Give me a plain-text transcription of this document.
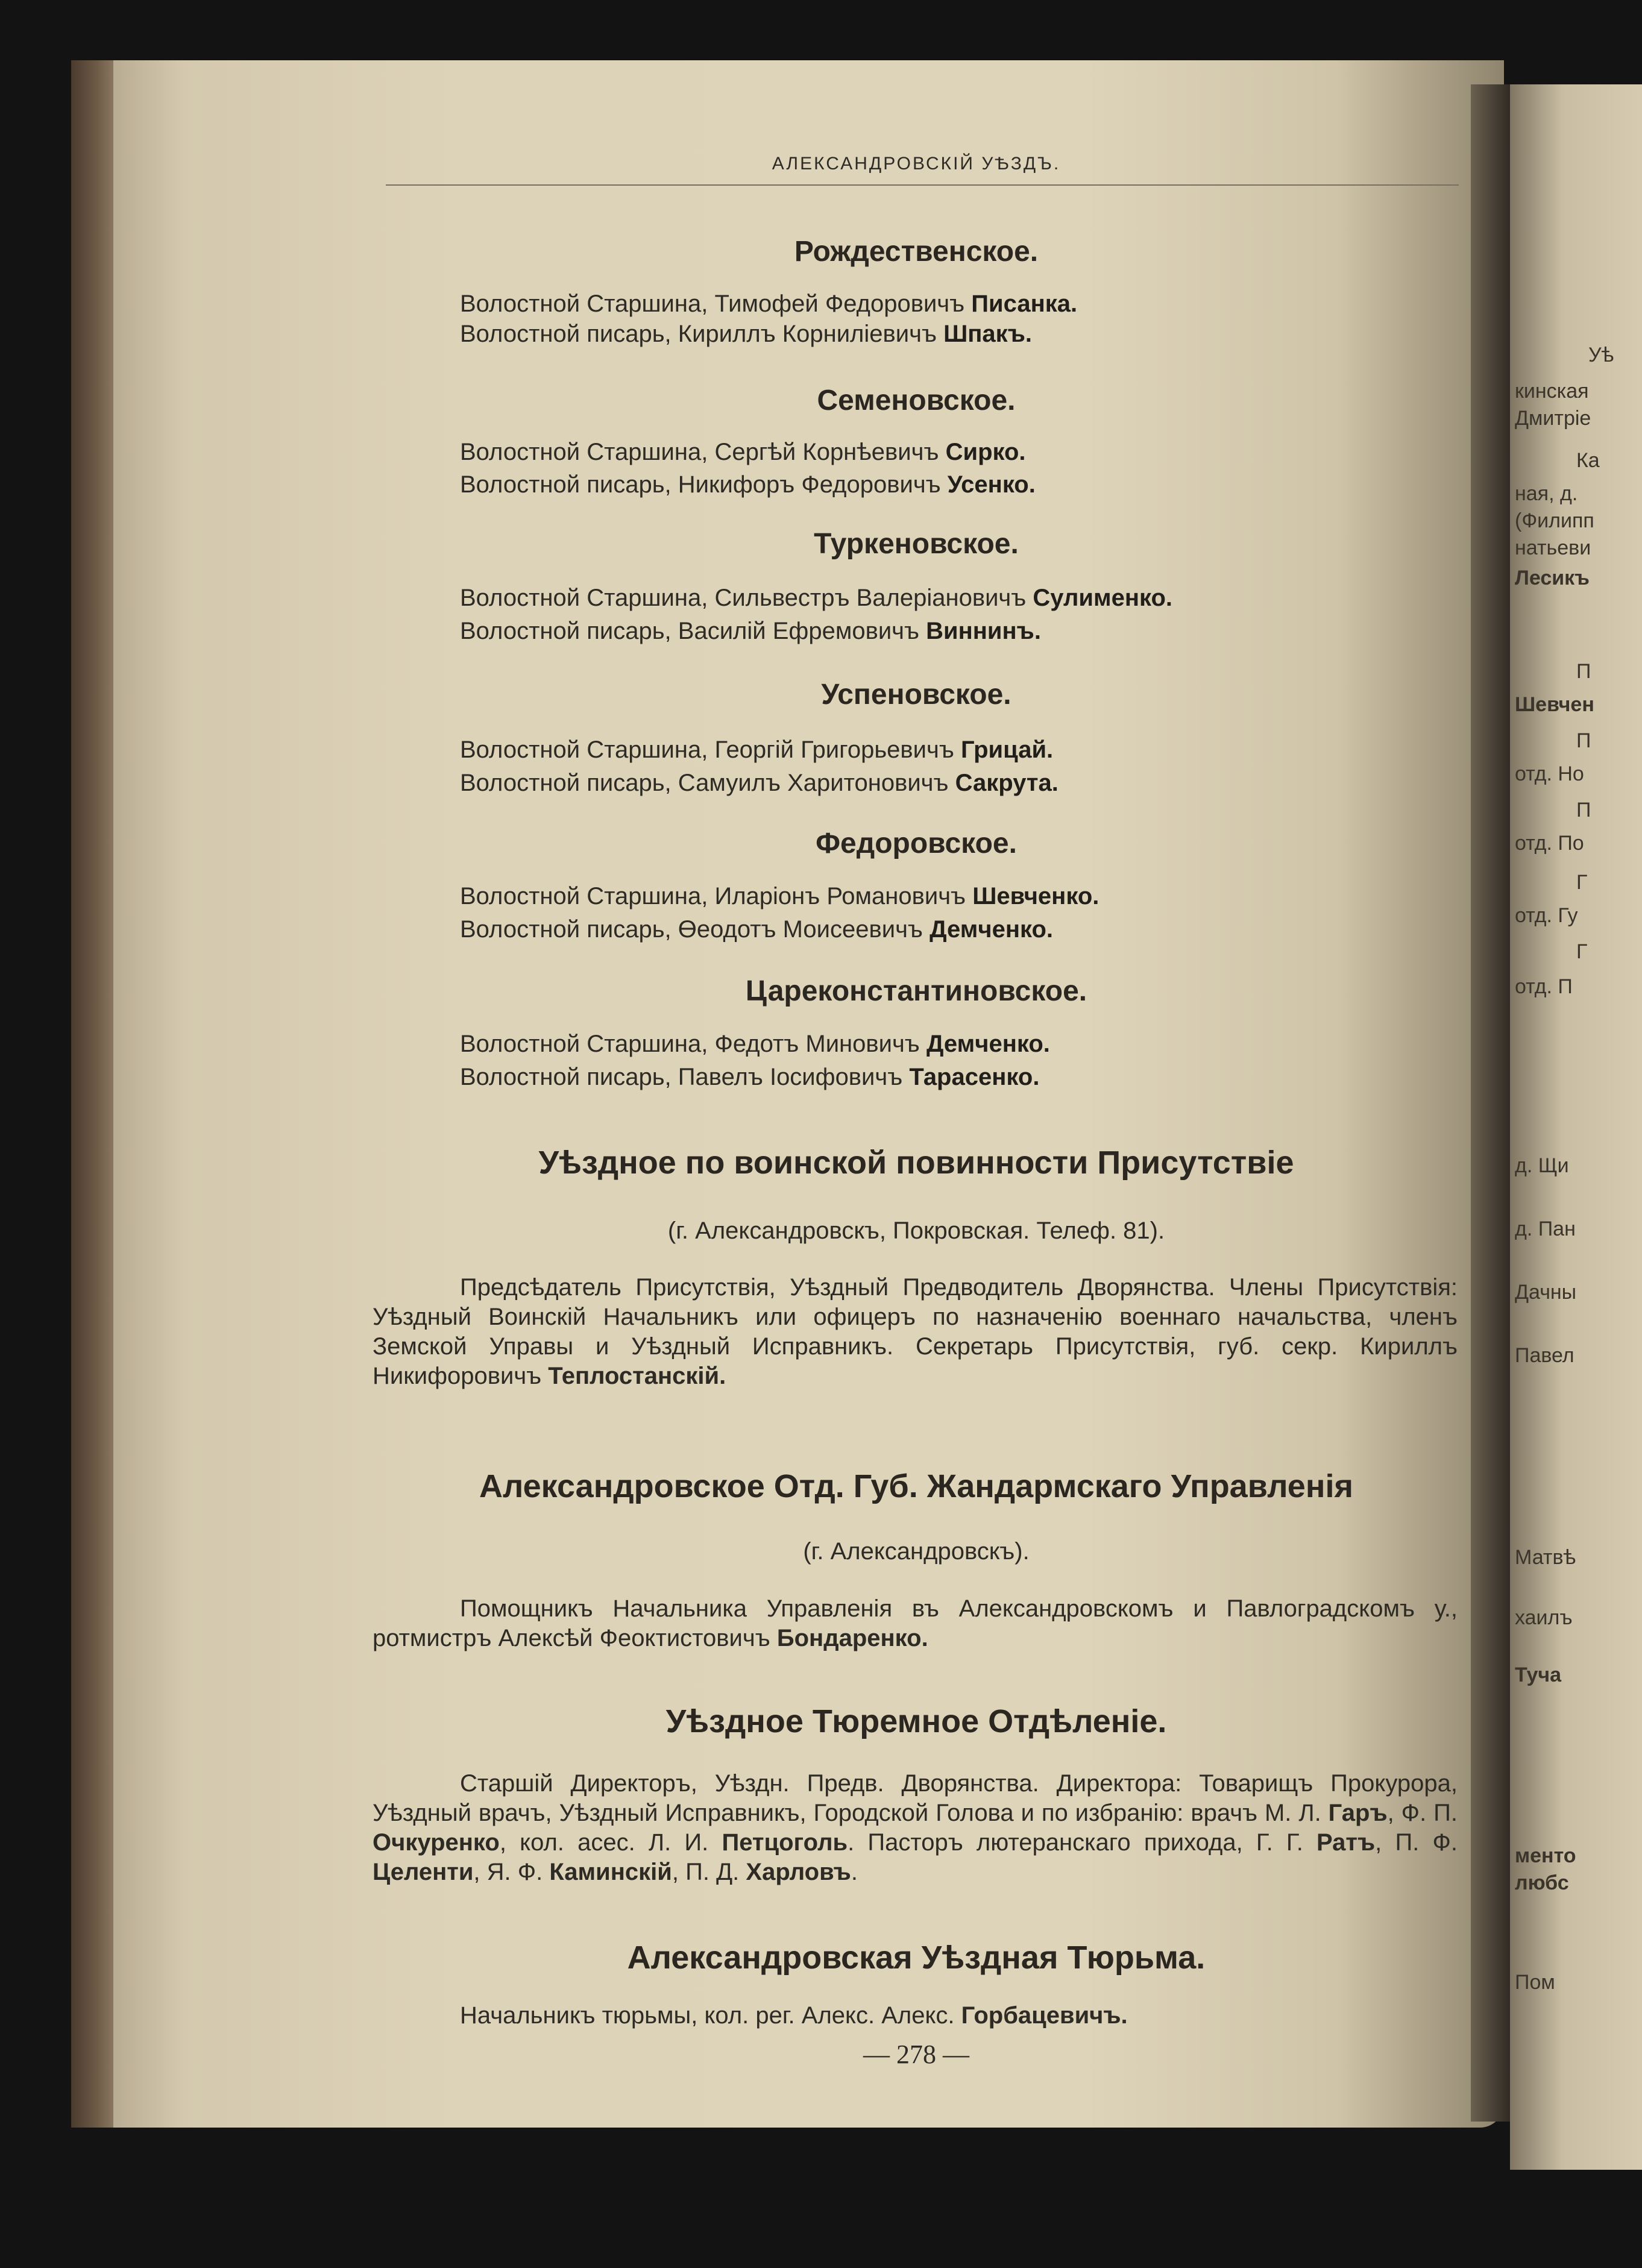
Уѣ
кинская
Дмитріе
Ка
ная, д.
(Филипп
натьеви
Лесикъ
П
Шевчен
П
отд. Но
П
отд. По
Г
отд. Гу
Г
отд. П
д. Щи
д. Пан
Дачны
Павел
Матвѣ
хаилъ
Туча
менто
любс
Пом
АЛЕКСАНДРОВСКІЙ УѢЗДЪ.
Рождественское.
Волостной Старшина, Тимофей Федоровичъ Писанка.
Волостной писарь, Кириллъ Корниліевичъ Шпакъ.
Семеновское.
Волостной Старшина, Сергѣй Корнѣевичъ Сирко.
Волостной писарь, Никифоръ Федоровичъ Усенко.
Туркеновское.
Волостной Старшина, Сильвестръ Валеріановичъ Сулименко.
Волостной писарь, Василій Ефремовичъ Виннинъ.
Успеновское.
Волостной Старшина, Георгій Григорьевичъ Грицай.
Волостной писарь, Самуилъ Харитоновичъ Сакрута.
Федоровское.
Волостной Старшина, Иларіонъ Романовичъ Шевченко.
Волостной писарь, Өеодотъ Моисеевичъ Демченко.
Цареконстантиновское.
Волостной Старшина, Федотъ Миновичъ Демченко.
Волостной писарь, Павелъ Іосифовичъ Тарасенко.
Уѣздное по воинской повинности Присутствіе
(г. Александровскъ, Покровская. Телеф. 81).
Предсѣдатель Присутствія, Уѣздный Предводитель Дворянства. Члены Присутствія: Уѣздный Воинскій Начальникъ или офицеръ по назначенію военнаго начальства, членъ Земской Управы и Уѣздный Исправникъ. Секретарь Присутствія, губ. секр. Кириллъ Никифоровичъ Теплостанскій.
Александровское Отд. Губ. Жандармскаго Управленія
(г. Александровскъ).
Помощникъ Начальника Управленія въ Александровскомъ и Павлоградскомъ у., ротмистръ Алексѣй Феоктистовичъ Бондаренко.
Уѣздное Тюремное Отдѣленіе.
Старшій Директоръ, Уѣздн. Предв. Дворянства. Директора: Товарищъ Прокурора, Уѣздный врачъ, Уѣздный Исправникъ, Городской Голова и по избранію: врачъ М. Л. Гаръ, Ф. П. Очкуренко, кол. асес. Л. И. Петцоголь. Пасторъ лютеранскаго прихода, Г. Г. Ратъ, П. Ф. Целенти, Я. Ф. Каминскій, П. Д. Харловъ.
Александровская Уѣздная Тюрьма.
Начальникъ тюрьмы, кол. рег. Алекс. Алекс. Горбацевичъ.
— 278 —
